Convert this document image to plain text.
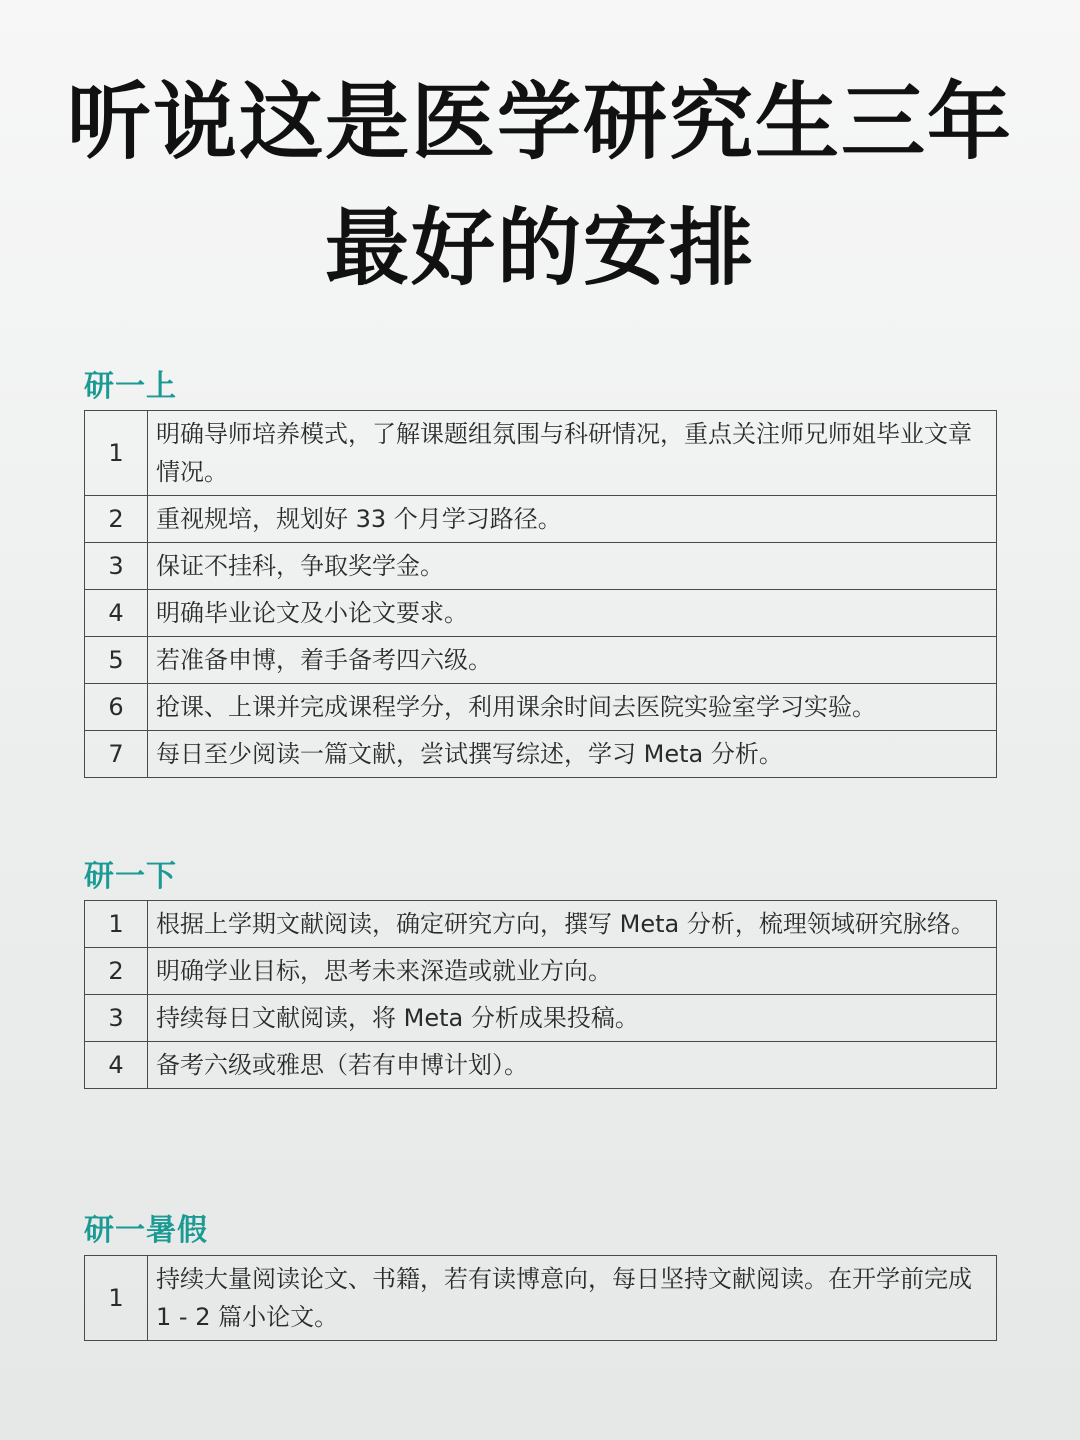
听说这是医学研究生三年
最好的安排
研一上
1	明确导师培养模式，了解课题组氛围与科研情况，重点关注师兄师姐毕业文章情况。
2	重视规培，规划好 33 个月学习路径。
3	保证不挂科，争取奖学金。
4	明确毕业论文及小论文要求。
5	若准备申博，着手备考四六级。
6	抢课、上课并完成课程学分，利用课余时间去医院实验室学习实验。
7	每日至少阅读一篇文献，尝试撰写综述，学习 Meta 分析。
研一下
1	根据上学期文献阅读，确定研究方向，撰写 Meta 分析，梳理领域研究脉络。
2	明确学业目标，思考未来深造或就业方向。
3	持续每日文献阅读，将 Meta 分析成果投稿。
4	备考六级或雅思（若有申博计划）。
研一暑假
1	持续大量阅读论文、书籍，若有读博意向，每日坚持文献阅读。在开学前完成 1 - 2 篇小论文。
